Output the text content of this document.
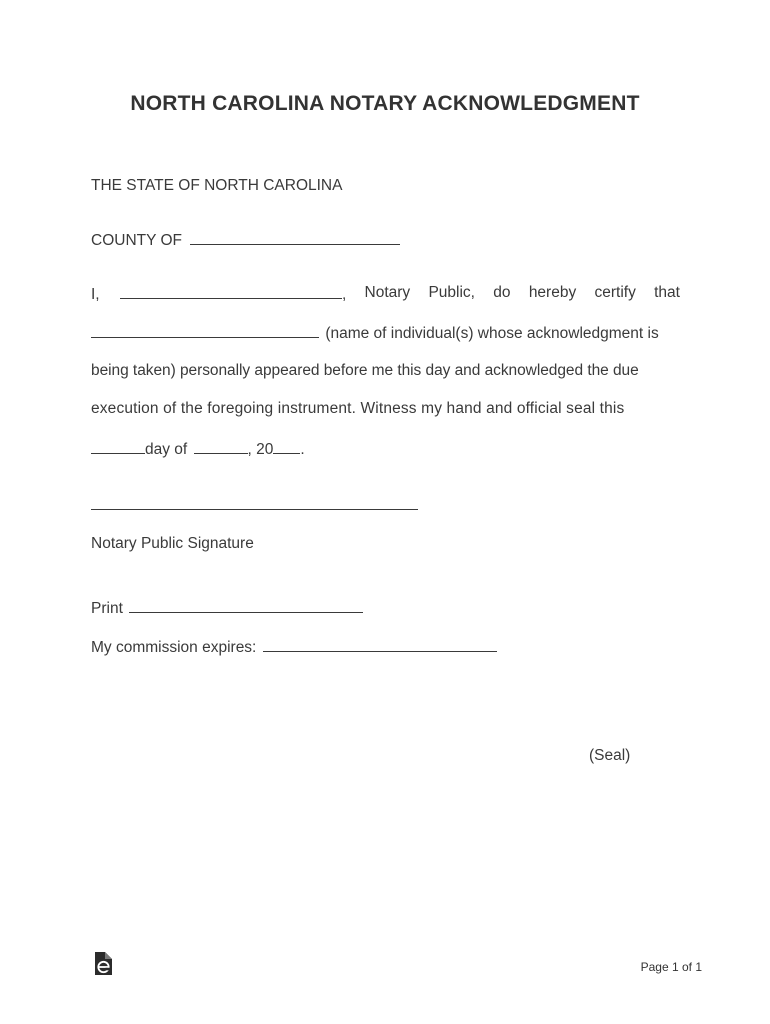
NORTH CAROLINA NOTARY ACKNOWLEDGMENT
THE STATE OF NORTH CAROLINA
COUNTY OF
I,	, Notary Public, do hereby certify that
(name of individual(s) whose acknowledgment is
being taken) personally appeared before me this day and acknowledged the due
execution of the foregoing instrument. Witness my hand and official seal this
day of	, 20 .
Notary Public Signature
Print
My commission expires:
(Seal)
Page 1 of 1
